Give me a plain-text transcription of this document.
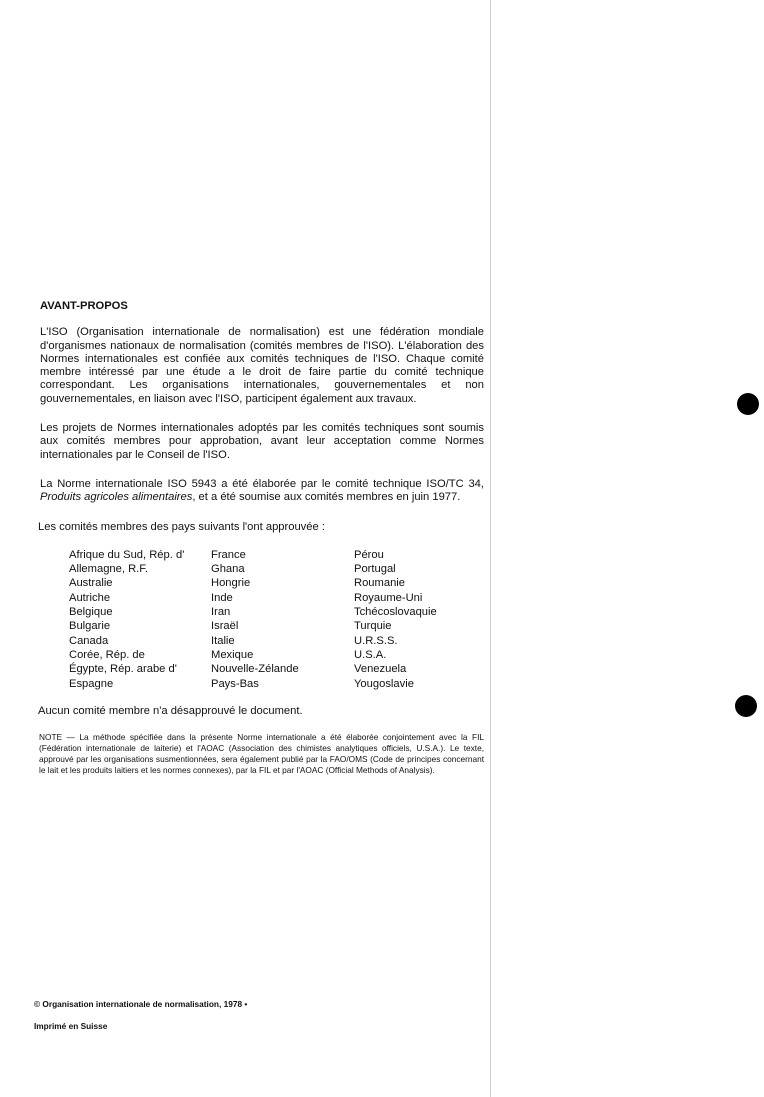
AVANT-PROPOS

L'ISO (Organisation internationale de normalisation) est une fédération mondiale d'organismes nationaux de normalisation (comités membres de l'ISO). L'élaboration des Normes internationales est confiée aux comités techniques de l'ISO. Chaque comité membre intéressé par une étude a le droit de faire partie du comité technique correspondant. Les organisations internationales, gouvernementales et non gouvernementales, en liaison avec l'ISO, participent également aux travaux.

Les projets de Normes internationales adoptés par les comités techniques sont soumis aux comités membres pour approbation, avant leur acceptation comme Normes internationales par le Conseil de l'ISO.

La Norme internationale ISO 5943 a été élaborée par le comité technique ISO/TC 34, Produits agricoles alimentaires, et a été soumise aux comités membres en juin 1977.

Les comités membres des pays suivants l'ont approuvée :

Afrique du Sud, Rép. d'
Allemagne, R.F.
Australie
Autriche
Belgique
Bulgarie
Canada
Corée, Rép. de
Égypte, Rép. arabe d'
Espagne
France
Ghana
Hongrie
Inde
Iran
Israël
Italie
Mexique
Nouvelle-Zélande
Pays-Bas
Pérou
Portugal
Roumanie
Royaume-Uni
Tchécoslovaquie
Turquie
U.R.S.S.
U.S.A.
Venezuela
Yougoslavie

Aucun comité membre n'a désapprouvé le document.

NOTE — La méthode spécifiée dans la présente Norme internationale a été élaborée conjointement avec la FIL (Fédération internationale de laiterie) et l'AOAC (Association des chimistes analytiques officiels, U.S.A.). Le texte, approuvé par les organisations susmentionnées, sera également publié par la FAO/OMS (Code de principes concernant le lait et les produits laitiers et les normes connexes), par la FIL et par l'AOAC (Official Methods of Analysis).

© Organisation internationale de normalisation, 1978 •
Imprimé en Suisse
